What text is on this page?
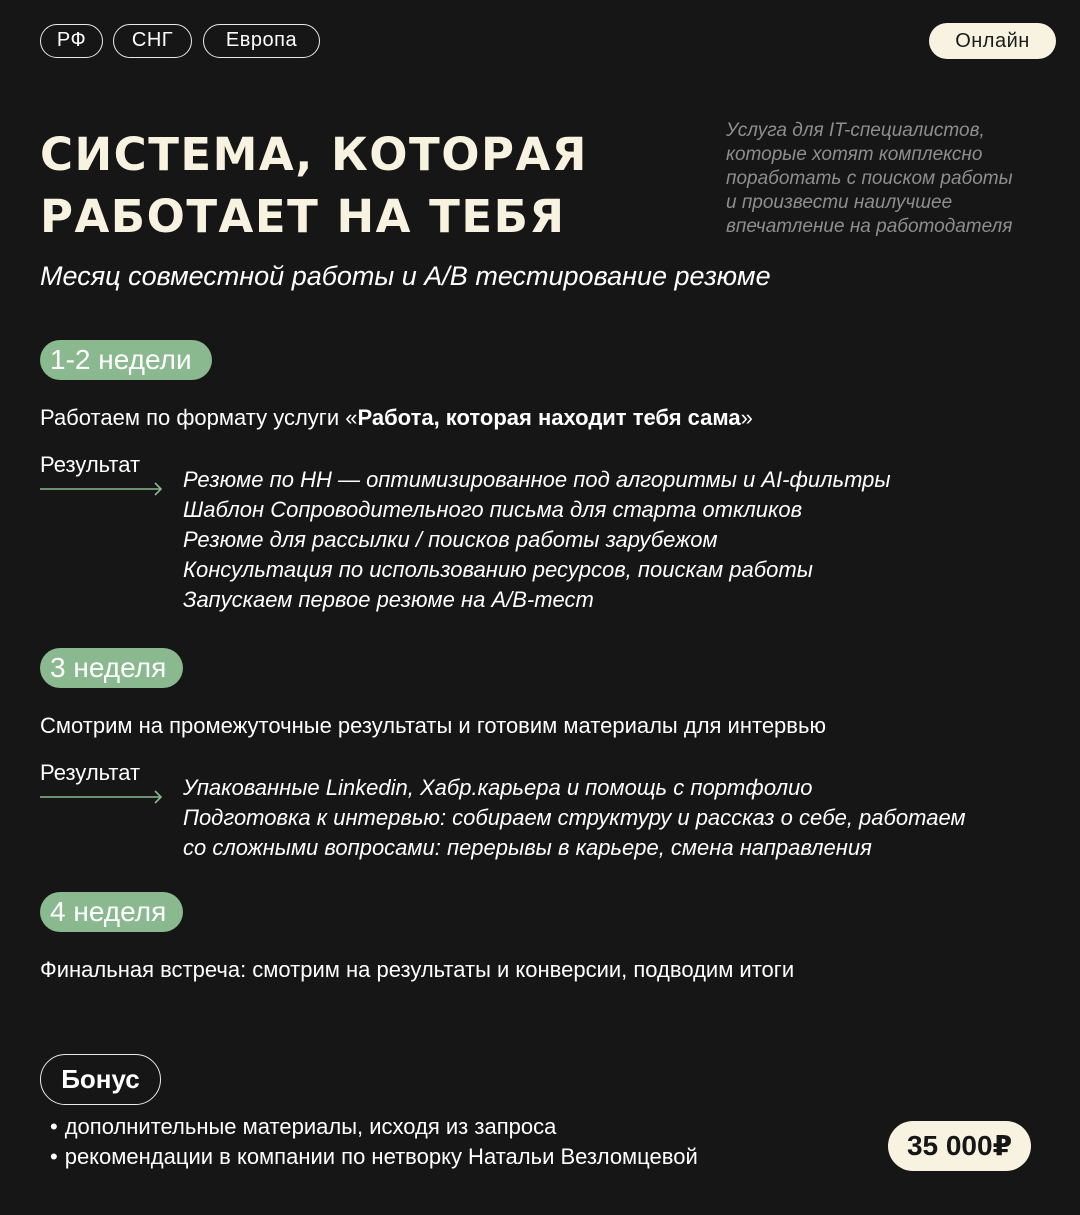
РФ	СНГ	Европа	Онлайн
СИСТЕМА, КОТОРАЯ
РАБОТАЕТ НА ТЕБЯ
Услуга для IT-специалистов,
которые хотят комплексно
поработать с поиском работы
и произвести наилучшее
впечатление на работодателя
Месяц совместной работы и A/B тестирование резюме
1-2 недели
Работаем по формату услуги «Работа, которая находит тебя сама»
Результат
Резюме по HH — оптимизированное под алгоритмы и AI-фильтры
Шаблон Сопроводительного письма для старта откликов
Резюме для рассылки / поисков работы зарубежом
Консультация по использованию ресурсов, поискам работы
Запускаем первое резюме на A/B-тест
3 неделя
Смотрим на промежуточные результаты и готовим материалы для интервью
Результат
Упакованные Linkedin, Хабр.карьера и помощь с портфолио
Подготовка к интервью: собираем структуру и рассказ о себе, работаем
со сложными вопросами: перерывы в карьере, смена направления
4 неделя
Финальная встреча: смотрим на результаты и конверсии, подводим итоги
Бонус
• дополнительные материалы, исходя из запроса
• рекомендации в компании по нетворку Натальи Везломцевой	35 000₽
